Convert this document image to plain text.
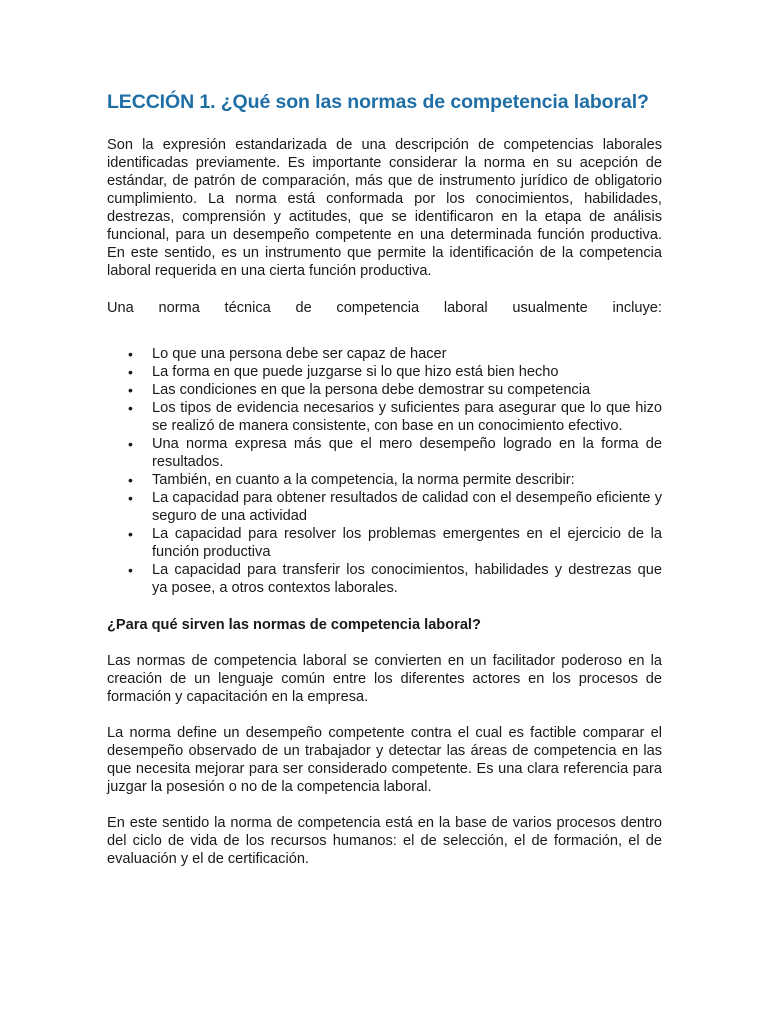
LECCIÓN 1. ¿Qué son las normas de competencia laboral?

Son la expresión estandarizada de una descripción de competencias laborales identificadas previamente. Es importante considerar la norma en su acepción de estándar, de patrón de comparación, más que de instrumento jurídico de obligatorio cumplimiento. La norma está conformada por los conocimientos, habilidades, destrezas, comprensión y actitudes, que se identificaron en la etapa de análisis funcional, para un desempeño competente en una determinada función productiva. En este sentido, es un instrumento que permite la identificación de la competencia laboral requerida en una cierta función productiva.

Una norma técnica de competencia laboral usualmente incluye:
• Lo que una persona debe ser capaz de hacer
• La forma en que puede juzgarse si lo que hizo está bien hecho
• Las condiciones en que la persona debe demostrar su competencia
• Los tipos de evidencia necesarios y suficientes para asegurar que lo que hizo se realizó de manera consistente, con base en un conocimiento efectivo.
• Una norma expresa más que el mero desempeño logrado en la forma de resultados.
• También, en cuanto a la competencia, la norma permite describir:
• La capacidad para obtener resultados de calidad con el desempeño eficiente y seguro de una actividad
• La capacidad para resolver los problemas emergentes en el ejercicio de la función productiva
• La capacidad para transferir los conocimientos, habilidades y destrezas que ya posee, a otros contextos laborales.

¿Para qué sirven las normas de competencia laboral?

Las normas de competencia laboral se convierten en un facilitador poderoso en la creación de un lenguaje común entre los diferentes actores en los procesos de formación y capacitación en la empresa.

La norma define un desempeño competente contra el cual es factible comparar el desempeño observado de un trabajador y detectar las áreas de competencia en las que necesita mejorar para ser considerado competente. Es una clara referencia para juzgar la posesión o no de la competencia laboral.

En este sentido la norma de competencia está en la base de varios procesos dentro del ciclo de vida de los recursos humanos: el de selección, el de formación, el de evaluación y el de certificación.
